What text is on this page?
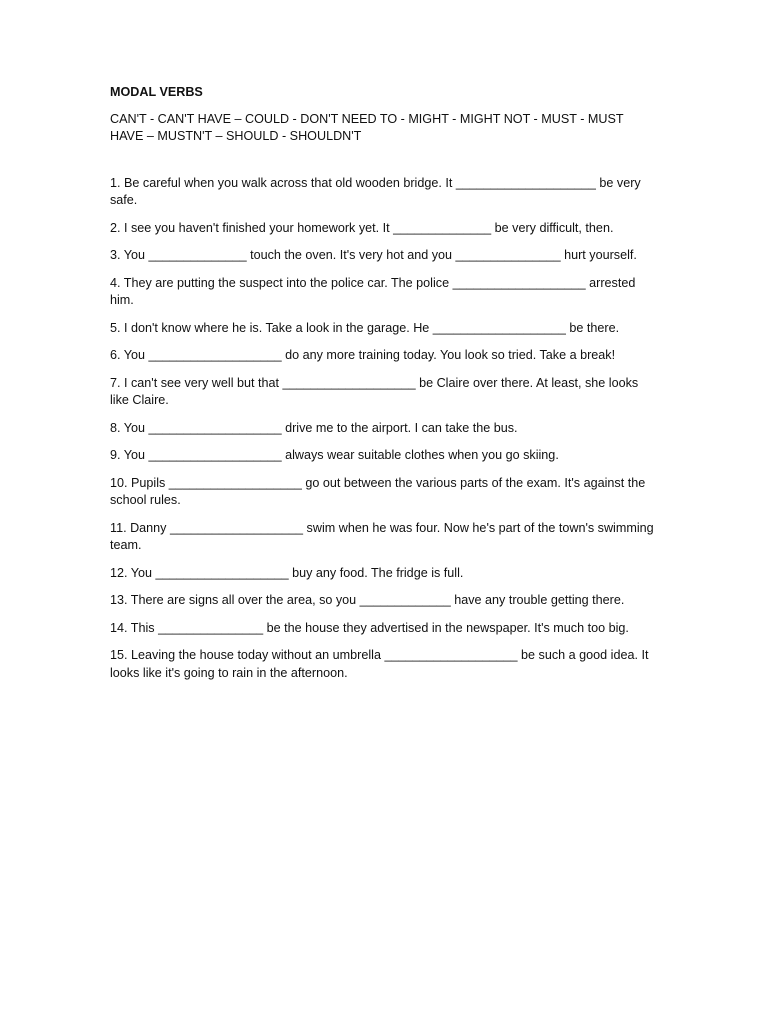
MODAL VERBS
CAN'T - CAN'T HAVE – COULD - DON'T NEED TO - MIGHT - MIGHT NOT - MUST - MUST HAVE – MUSTN'T – SHOULD - SHOULDN'T
1. Be careful when you walk across that old wooden bridge. It ____________________ be very safe.
2. I see you haven't finished your homework yet. It ______________ be very difficult, then.
3. You ______________ touch the oven. It's very hot and you _______________ hurt yourself.
4. They are putting the suspect into the police car. The police ___________________ arrested him.
5. I don't know where he is. Take a look in the garage. He ___________________ be there.
6. You ___________________ do any more training today. You look so tried. Take a break!
7. I can't see very well but that ___________________ be Claire over there. At least, she looks like Claire.
8. You ___________________ drive me to the airport. I can take the bus.
9. You ___________________ always wear suitable clothes when you go skiing.
10. Pupils ___________________ go out between the various parts of the exam. It's against the school rules.
11. Danny ___________________ swim when he was four. Now he's part of the town's swimming team.
12. You ___________________ buy any food. The fridge is full.
13. There are signs all over the area, so you _____________ have any trouble getting there.
14. This _______________ be the house they advertised in the newspaper. It's much too big.
15. Leaving the house today without an umbrella ___________________ be such a good idea. It looks like it's going to rain in the afternoon.
